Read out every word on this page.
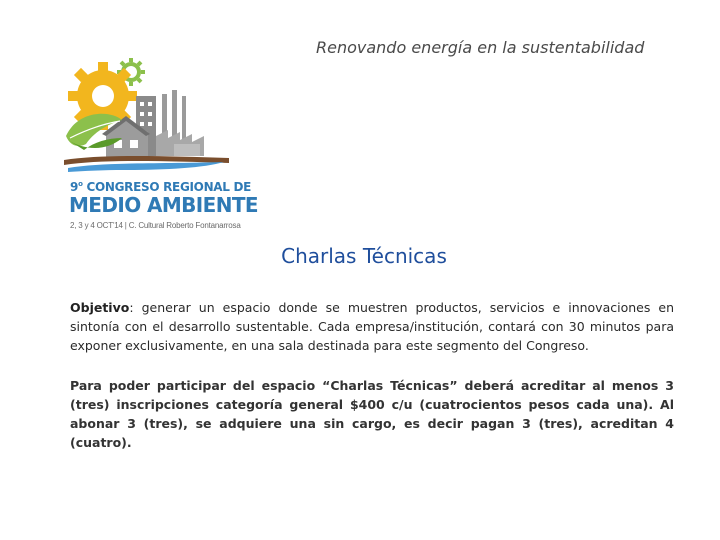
Renovando energía en la sustentabilidad
9$^o$ CONGRESO REGIONAL DE
MEDIO AMBIENTE
2, 3 y 4 OCT'14 | C. Cultural Roberto Fontanarrosa
Charlas Técnicas
Objetivo: generar un espacio donde se muestren productos, servicios e innovaciones en sintonía con el desarrollo sustentable. Cada empresa/institución, contará con 30 minutos para exponer exclusivamente, en una sala destinada para este segmento del Congreso.
Para poder participar del espacio “Charlas Técnicas” deberá acreditar al menos 3 (tres) inscripciones categoría general $400 c/u (cuatrocientos pesos cada una). Al abonar 3 (tres), se adquiere una sin cargo, es decir pagan 3 (tres), acreditan 4 (cuatro).
